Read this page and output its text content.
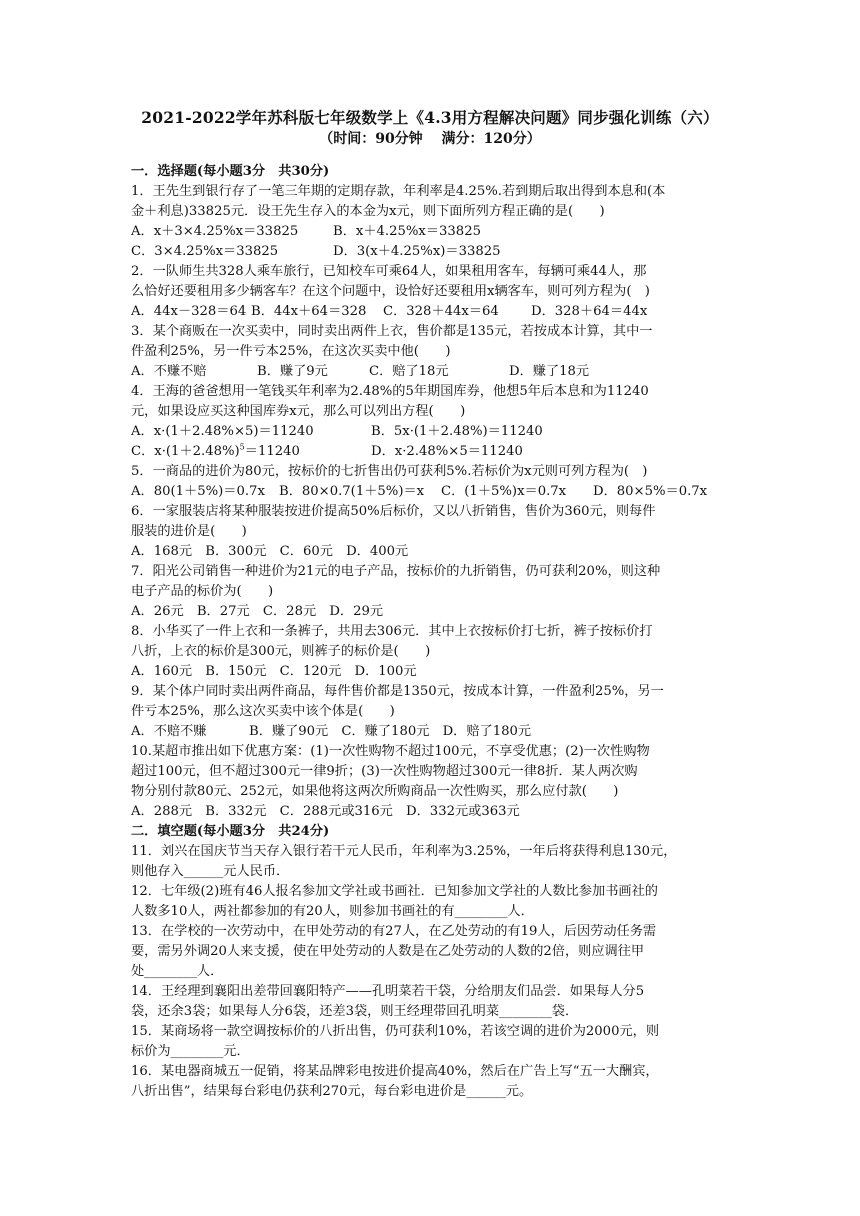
2021-2022学年苏科版七年级数学上《4.3用方程解决问题》同步强化训练（六）
（时间：90分钟　 满分：120分）
一．选择题(每小题3分　共30分)
1．王先生到银行存了一笔三年期的定期存款，年利率是4.25%.若到期后取出得到本息和(本
金＋利息)33825元．设王先生存入的本金为x元，则下面所列方程正确的是(　　)
A．x＋3×4.25%x＝33825	B．x＋4.25%x＝33825
C．3×4.25%x＝33825	D．3(x＋4.25%x)＝33825
2．一队师生共328人乘车旅行，已知校车可乘64人，如果租用客车，每辆可乘44人，那
么恰好还要租用多少辆客车？在这个问题中，设恰好还要租用x辆客车，则可列方程为(　)
A．44x－328＝64 B．44x＋64＝328 C．328＋44x＝64 D．328＋64＝44x
3．某个商贩在一次买卖中，同时卖出两件上衣，售价都是135元，若按成本计算，其中一
件盈利25%，另一件亏本25%，在这次买卖中他(　　)
A．不赚不赔	B．赚了9元	C．赔了18元	D．赚了18元
4．王海的爸爸想用一笔钱买年利率为2.48%的5年期国库券，他想5年后本息和为11240
元，如果设应买这种国库券x元，那么可以列出方程(　　)
A．x·(1＋2.48%×5)＝11240	B．5x·(1＋2.48%)＝11240
C．$x\cdot(1+2.48\%)^5=11240$	D．x·2.48%×5＝11240
5．一商品的进价为80元，按标价的七折售出仍可获利5%.若标价为x元则可列方程为(　)
A．80(1＋5%)＝0.7x B．80×0.7(1＋5%)＝x C．(1＋5%)x＝0.7x D．80×5%＝0.7x
6．一家服装店将某种服装按进价提高50%后标价，又以八折销售，售价为360元，则每件
服装的进价是(　　)
A．168元　B．300元　C．60元　D．400元
7．阳光公司销售一种进价为21元的电子产品，按标价的九折销售，仍可获利20%，则这种
电子产品的标价为(　　)
A．26元　B．27元　C．28元　D．29元
8．小华买了一件上衣和一条裤子，共用去306元．其中上衣按标价打七折，裤子按标价打
八折，上衣的标价是300元，则裤子的标价是(　　)
A．160元　B．150元　C．120元　D．100元
9．某个体户同时卖出两件商品，每件售价都是1350元，按成本计算，一件盈利25%，另一
件亏本25%，那么这次买卖中该个体是(　　)
A．不赔不赚	B．赚了90元　C．赚了180元　D．赔了180元
10.某超市推出如下优惠方案：(1)一次性购物不超过100元，不享受优惠；(2)一次性购物
超过100元，但不超过300元一律9折；(3)一次性购物超过300元一律8折．某人两次购
物分别付款80元、252元，如果他将这两次所购商品一次性购买，那么应付款(　　)
A．288元　B．332元　C．288元或316元　D．332元或363元
二．填空题(每小题3分　共24分)
11．刘兴在国庆节当天存入银行若干元人民币，年利率为3.25%，一年后将获得利息130元，
则他存入______元人民币．
12．七年级(2)班有46人报名参加文学社或书画社．已知参加文学社的人数比参加书画社的
人数多10人，两社都参加的有20人，则参加书画社的有________人．
13．在学校的一次劳动中，在甲处劳动的有27人，在乙处劳动的有19人，后因劳动任务需
要，需另外调20人来支援，使在甲处劳动的人数是在乙处劳动的人数的2倍，则应调往甲
处________人．
14．王经理到襄阳出差带回襄阳特产——孔明菜若干袋，分给朋友们品尝．如果每人分5
袋，还余3袋；如果每人分6袋，还差3袋，则王经理带回孔明菜________袋．
15．某商场将一款空调按标价的八折出售，仍可获利10%，若该空调的进价为2000元，则
标价为________元．
16．某电器商城五一促销，将某品牌彩电按进价提高40%，然后在广告上写“五一大酬宾，
八折出售”，结果每台彩电仍获利270元，每台彩电进价是______元。
